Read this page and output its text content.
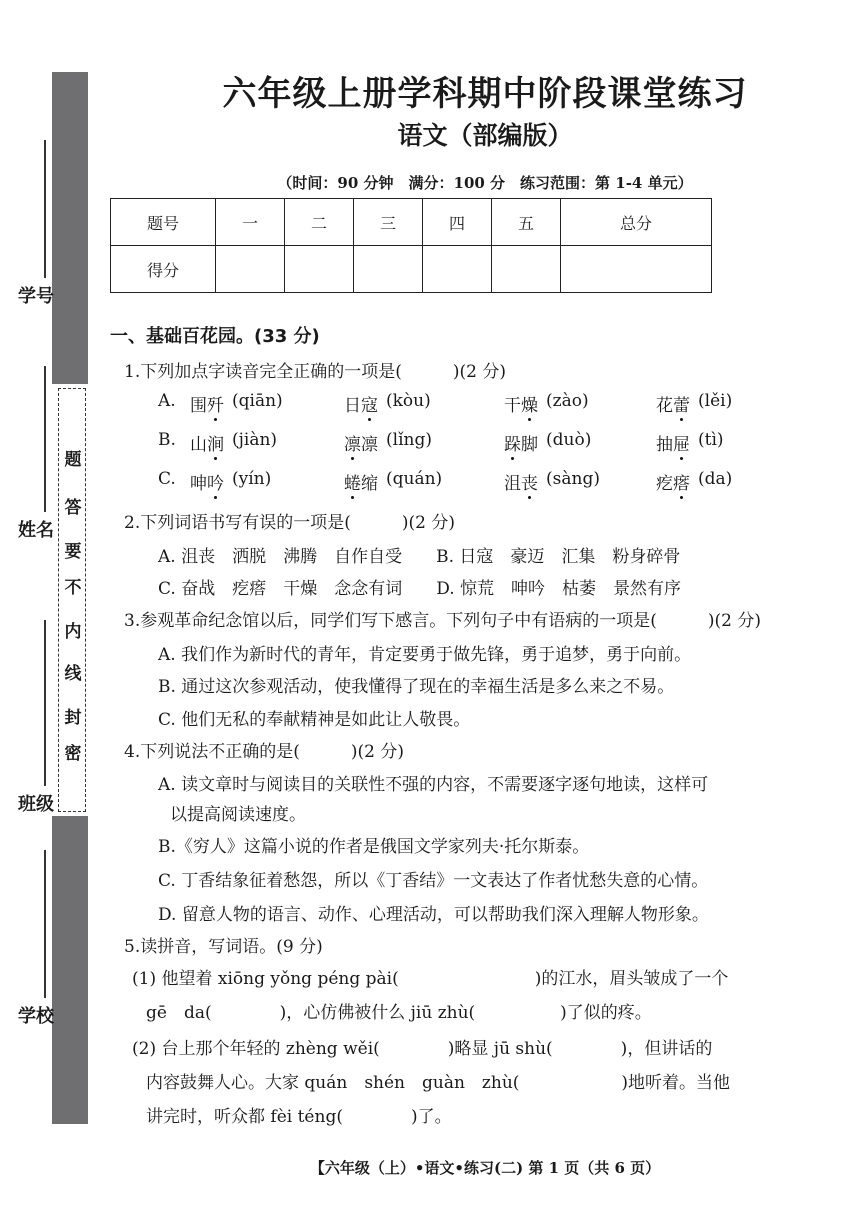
题
答
要
不
内
线
封
密
学号
姓名
班级
学校
六年级上册学科期中阶段课堂练习
语文（部编版）
（时间：90 分钟　满分：100 分　练习范围：第 1-4 单元）
题号	一	二	三	四	五	总分
得分						
一、基础百花园。(33 分)
1.下列加点字读音完全正确的一项是(　　　)(2 分)
A. 围歼 (qiān)	日寇 (kòu)	干燥 (zào)	花蕾 (lěi)
B. 山涧 (jiàn)	凛凛 (lǐng)	跺脚 (duò)	抽屉 (tì)
C. 呻吟 (yín)	蜷缩 (quán)	沮丧 (sàng)	疙瘩 (da)
2.下列词语书写有误的一项是(　　　)(2 分)
A. 沮丧　洒脱　沸腾　自作自受　　B. 日寇　豪迈　汇集　粉身碎骨
C. 奋战　疙瘩　干燥　念念有词　　D. 惊荒　呻吟　枯萎　景然有序
3.参观革命纪念馆以后，同学们写下感言。下列句子中有语病的一项是(　　　)(2 分)
A. 我们作为新时代的青年，肯定要勇于做先锋，勇于追梦，勇于向前。
B. 通过这次参观活动，使我懂得了现在的幸福生活是多么来之不易。
C. 他们无私的奉献精神是如此让人敬畏。
4.下列说法不正确的是(　　　)(2 分)
A. 读文章时与阅读目的关联性不强的内容，不需要逐字逐句地读，这样可
以提高阅读速度。
B.《穷人》这篇小说的作者是俄国文学家列夫·托尔斯泰。
C. 丁香结象征着愁怨，所以《丁香结》一文表达了作者忧愁失意的心情。
D. 留意人物的语言、动作、心理活动，可以帮助我们深入理解人物形象。
5.读拼音，写词语。(9 分)
(1) 他望着 xiōng yǒng péng pài(　　　　　　　　)的江水，眉头皱成了一个
gē　da(　　　　)，心仿佛被什么 jiū zhù(　　　　　)了似的疼。
(2) 台上那个年轻的 zhèng wěi(　　　　)略显 jū shù(　　　　)，但讲话的
内容鼓舞人心。大家 quán　shén　guàn　zhù(　　　　　　)地听着。当他
讲完时，听众都 fèi téng(　　　　)了。
【六年级（上）•语文•练习(二) 第 1 页（共 6 页）
